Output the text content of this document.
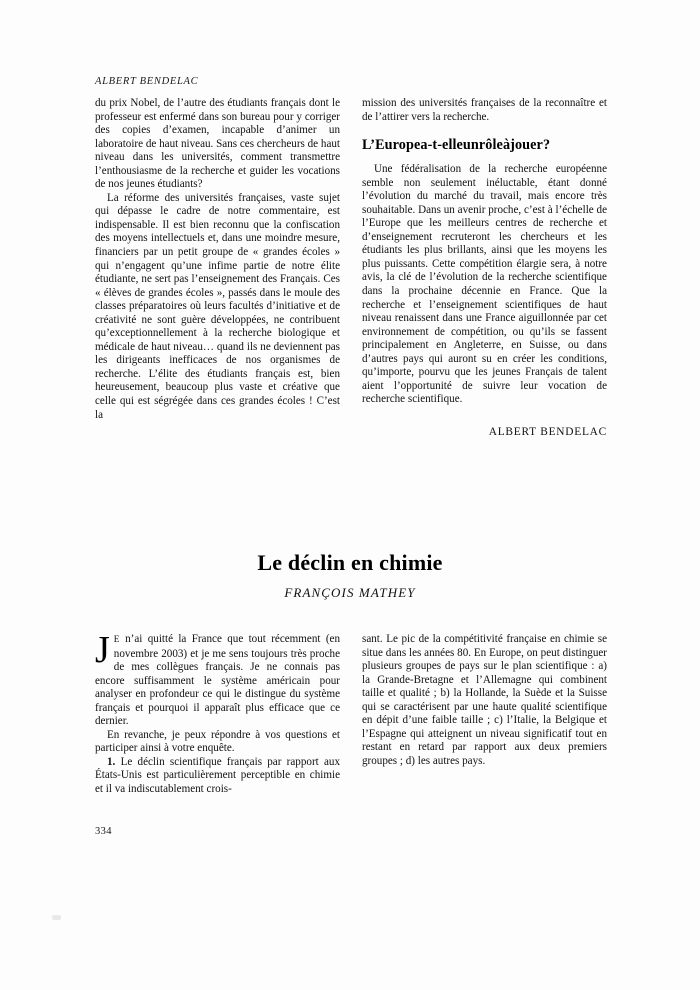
ALBERT BENDELAC

du prix Nobel, de l’autre des étudiants français dont le professeur est enfermé dans son bureau pour y corriger des copies d’examen, incapable d’animer un laboratoire de haut niveau. Sans ces chercheurs de haut niveau dans les universités, comment transmettre l’enthousiasme de la recherche et guider les vocations de nos jeunes étudiants?

La réforme des universités françaises, vaste sujet qui dépasse le cadre de notre commentaire, est indispensable. Il est bien reconnu que la confiscation des moyens intellectuels et, dans une moindre mesure, financiers par un petit groupe de « grandes écoles » qui n’engagent qu’une infime partie de notre élite étudiante, ne sert pas l’enseignement des Français. Ces « élèves de grandes écoles », passés dans le moule des classes préparatoires où leurs facultés d’initiative et de créativité ne sont guère développées, ne contribuent qu’exceptionnellement à la recherche biologique et médicale de haut niveau… quand ils ne deviennent pas les dirigeants inefficaces de nos organismes de recherche. L’élite des étudiants français est, bien heureusement, beaucoup plus vaste et créative que celle qui est ségrégée dans ces grandes écoles ! C’est la

mission des universités françaises de la reconnaître et de l’attirer vers la recherche.

L’Europea-t-elleunrôleàjouer?

Une fédéralisation de la recherche européenne semble non seulement inéluctable, étant donné l’évolution du marché du travail, mais encore très souhaitable. Dans un avenir proche, c’est à l’échelle de l’Europe que les meilleurs centres de recherche et d’enseignement recruteront les chercheurs et les étudiants les plus brillants, ainsi que les moyens les plus puissants. Cette compétition élargie sera, à notre avis, la clé de l’évolution de la recherche scientifique dans la prochaine décennie en France. Que la recherche et l’enseignement scientifiques de haut niveau renaissent dans une France aiguillonnée par cet environnement de compétition, ou qu’ils se fassent principalement en Angleterre, en Suisse, ou dans d’autres pays qui auront su en créer les conditions, qu’importe, pourvu que les jeunes Français de talent aient l’opportunité de suivre leur vocation de recherche scientifique.

ALBERT BENDELAC
Le déclin en chimie
FRANÇOIS MATHEY

J E n’ai quitté la France que tout récemment (en novembre 2003) et je me sens toujours très proche de mes collègues français. Je ne connais pas encore suffisamment le système américain pour analyser en profondeur ce qui le distingue du système français et pourquoi il apparaît plus efficace que ce dernier.

En revanche, je peux répondre à vos questions et participer ainsi à votre enquête.

1. Le déclin scientifique français par rapport aux États-Unis est particulièrement perceptible en chimie et il va indiscutablement crois-

sant. Le pic de la compétitivité française en chimie se situe dans les années 80. En Europe, on peut distinguer plusieurs groupes de pays sur le plan scientifique : a) la Grande-Bretagne et l’Allemagne qui combinent taille et qualité ; b) la Hollande, la Suède et la Suisse qui se caractérisent par une haute qualité scientifique en dépit d’une faible taille ; c) l’Italie, la Belgique et l’Espagne qui atteignent un niveau significatif tout en restant en retard par rapport aux deux premiers groupes ; d) les autres pays.

334
